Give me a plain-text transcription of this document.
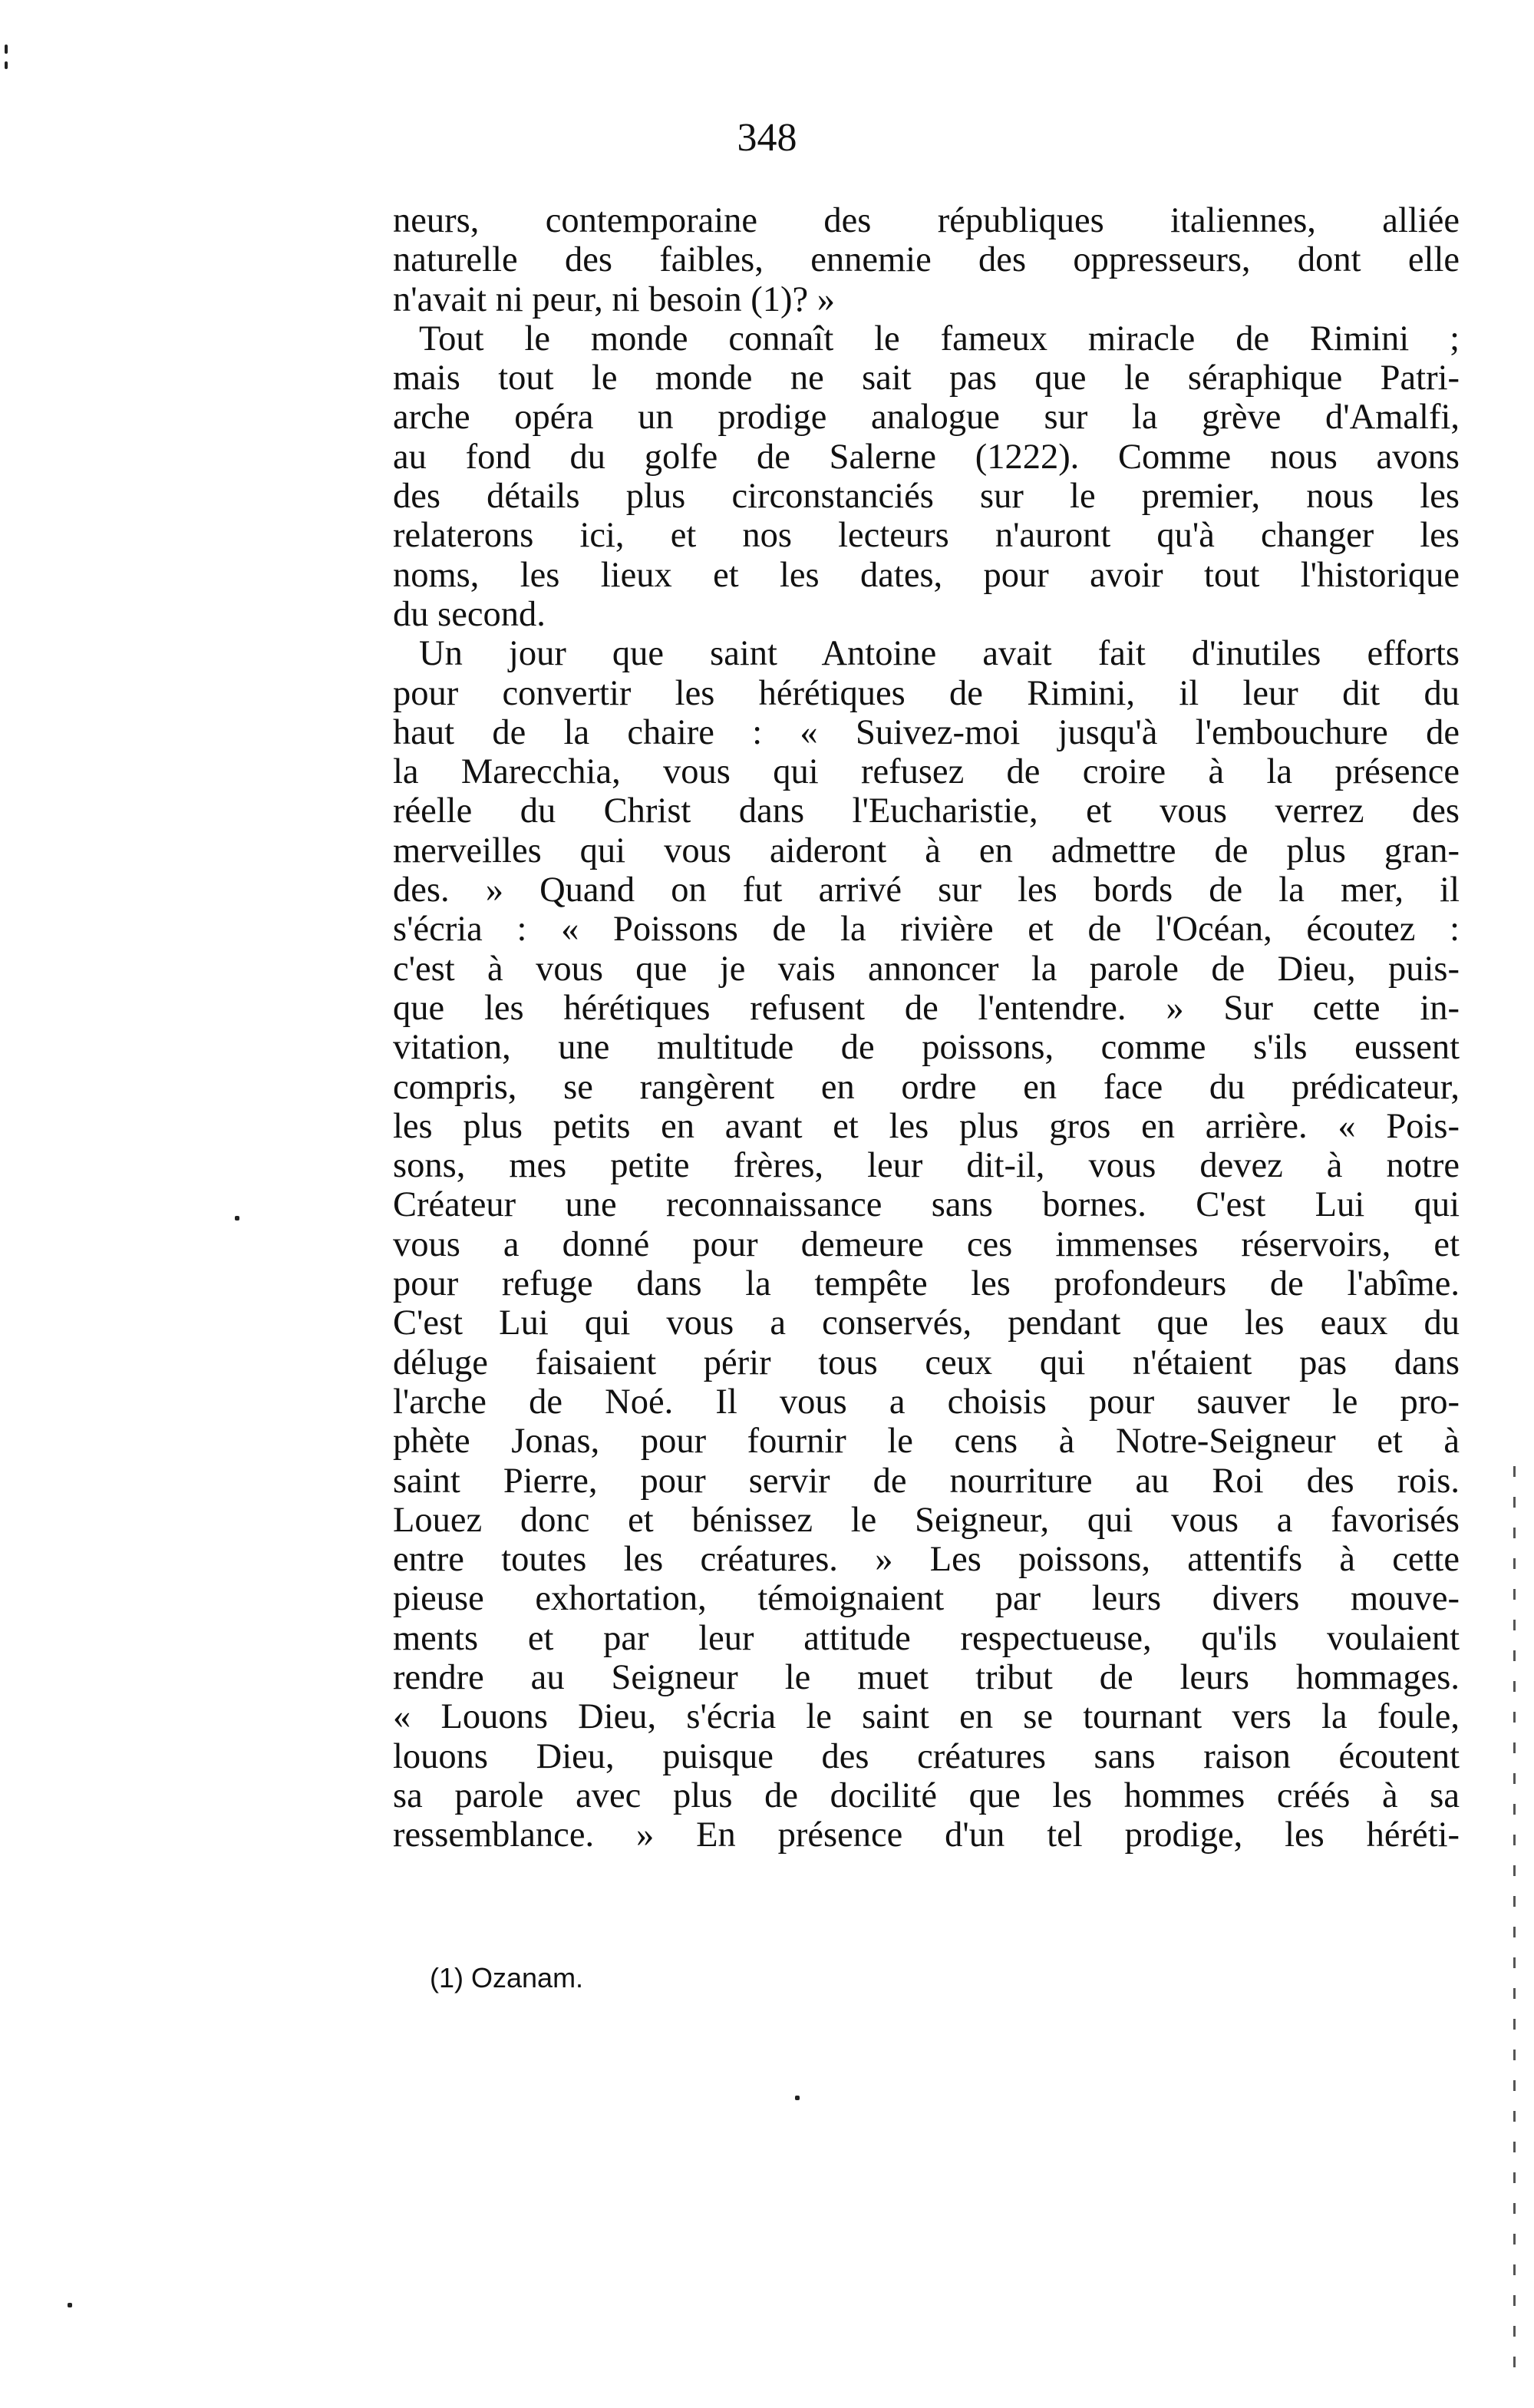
348
neurs, contemporaine des républiques italiennes, alliée
naturelle des faibles, ennemie des oppresseurs, dont elle
n'avait ni peur, ni besoin (1)? »
Tout le monde connaît le fameux miracle de Rimini ;
mais tout le monde ne sait pas que le séraphique Patri-
arche opéra un prodige analogue sur la grève d'Amalfi,
au fond du golfe de Salerne (1222). Comme nous avons
des détails plus circonstanciés sur le premier, nous les
relaterons ici, et nos lecteurs n'auront qu'à changer les
noms, les lieux et les dates, pour avoir tout l'historique
du second.
Un jour que saint Antoine avait fait d'inutiles efforts
pour convertir les hérétiques de Rimini, il leur dit du
haut de la chaire : « Suivez-moi jusqu'à l'embouchure de
la Marecchia, vous qui refusez de croire à la présence
réelle du Christ dans l'Eucharistie, et vous verrez des
merveilles qui vous aideront à en admettre de plus gran-
des. » Quand on fut arrivé sur les bords de la mer, il
s'écria : « Poissons de la rivière et de l'Océan, écoutez :
c'est à vous que je vais annoncer la parole de Dieu, puis-
que les hérétiques refusent de l'entendre. » Sur cette in-
vitation, une multitude de poissons, comme s'ils eussent
compris, se rangèrent en ordre en face du prédicateur,
les plus petits en avant et les plus gros en arrière. « Pois-
sons, mes petite frères, leur dit-il, vous devez à notre
Créateur une reconnaissance sans bornes. C'est Lui qui
vous a donné pour demeure ces immenses réservoirs, et
pour refuge dans la tempête les profondeurs de l'abîme.
C'est Lui qui vous a conservés, pendant que les eaux du
déluge faisaient périr tous ceux qui n'étaient pas dans
l'arche de Noé. Il vous a choisis pour sauver le pro-
phète Jonas, pour fournir le cens à Notre-Seigneur et à
saint Pierre, pour servir de nourriture au Roi des rois.
Louez donc et bénissez le Seigneur, qui vous a favorisés
entre toutes les créatures. » Les poissons, attentifs à cette
pieuse exhortation, témoignaient par leurs divers mouve-
ments et par leur attitude respectueuse, qu'ils voulaient
rendre au Seigneur le muet tribut de leurs hommages.
« Louons Dieu, s'écria le saint en se tournant vers la foule,
louons Dieu, puisque des créatures sans raison écoutent
sa parole avec plus de docilité que les hommes créés à sa
ressemblance. » En présence d'un tel prodige, les héréti-
(1) Ozanam.
